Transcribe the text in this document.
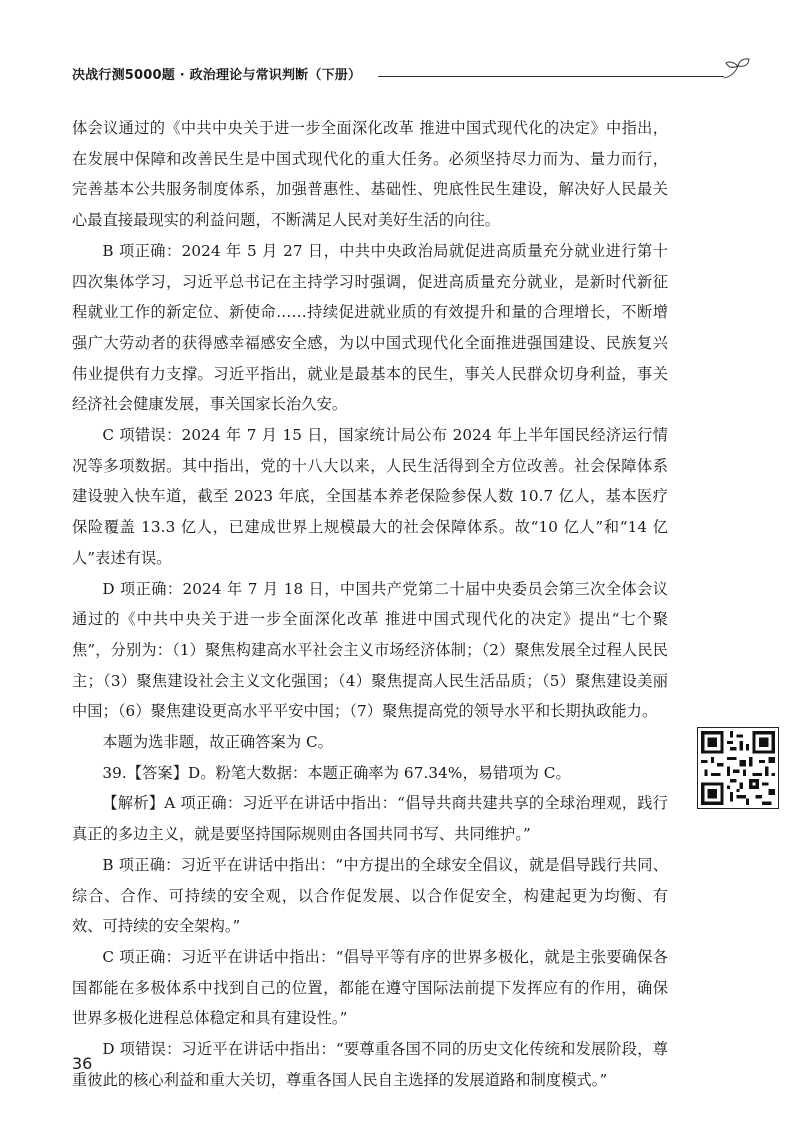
决战行测5000题 · 政治理论与常识判断（下册）

体会议通过的《中共中央关于进一步全面深化改革 推进中国式现代化的决定》中指出，在发展中保障和改善民生是中国式现代化的重大任务。必须坚持尽力而为、量力而行，完善基本公共服务制度体系，加强普惠性、基础性、兜底性民生建设，解决好人民最关心最直接最现实的利益问题，不断满足人民对美好生活的向往。

B 项正确：2024 年 5 月 27 日，中共中央政治局就促进高质量充分就业进行第十四次集体学习，习近平总书记在主持学习时强调，促进高质量充分就业，是新时代新征程就业工作的新定位、新使命……持续促进就业质的有效提升和量的合理增长，不断增强广大劳动者的获得感幸福感安全感，为以中国式现代化全面推进强国建设、民族复兴伟业提供有力支撑。习近平指出，就业是最基本的民生，事关人民群众切身利益，事关经济社会健康发展，事关国家长治久安。

C 项错误：2024 年 7 月 15 日，国家统计局公布 2024 年上半年国民经济运行情况等多项数据。其中指出，党的十八大以来，人民生活得到全方位改善。社会保障体系建设驶入快车道，截至 2023 年底，全国基本养老保险参保人数 10.7 亿人，基本医疗保险覆盖 13.3 亿人，已建成世界上规模最大的社会保障体系。故“10 亿人”和“14 亿人”表述有误。

D 项正确：2024 年 7 月 18 日，中国共产党第二十届中央委员会第三次全体会议通过的《中共中央关于进一步全面深化改革 推进中国式现代化的决定》提出“七个聚焦”，分别为：（1）聚焦构建高水平社会主义市场经济体制；（2）聚焦发展全过程人民民主；（3）聚焦建设社会主义文化强国；（4）聚焦提高人民生活品质；（5）聚焦建设美丽中国；（6）聚焦建设更高水平平安中国；（7）聚焦提高党的领导水平和长期执政能力。

本题为选非题，故正确答案为 C。

39.【答案】D。粉笔大数据：本题正确率为 67.34%，易错项为 C。

【解析】A 项正确：习近平在讲话中指出：“倡导共商共建共享的全球治理观，践行真正的多边主义，就是要坚持国际规则由各国共同书写、共同维护。”

B 项正确：习近平在讲话中指出：“中方提出的全球安全倡议，就是倡导践行共同、综合、合作、可持续的安全观，以合作促发展、以合作促安全，构建起更为均衡、有效、可持续的安全架构。”

C 项正确：习近平在讲话中指出：“倡导平等有序的世界多极化，就是主张要确保各国都能在多极体系中找到自己的位置，都能在遵守国际法前提下发挥应有的作用，确保世界多极化进程总体稳定和具有建设性。”

D 项错误：习近平在讲话中指出：“要尊重各国不同的历史文化传统和发展阶段，尊重彼此的核心利益和重大关切，尊重各国人民自主选择的发展道路和制度模式。”

36
